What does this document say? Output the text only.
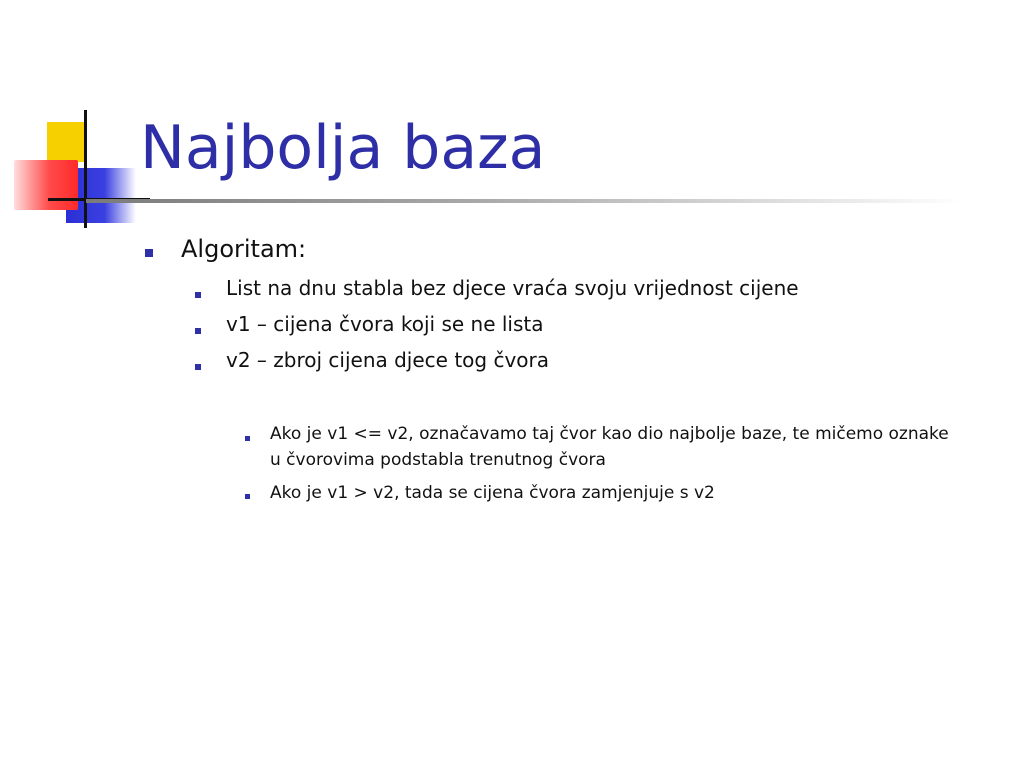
Najbolja baza
Algoritam:
List na dnu stabla bez djece vraća svoju vrijednost cijene
v1 – cijena čvora koji se ne lista
v2 – zbroj cijena djece tog čvora
Ako je v1 <= v2, označavamo taj čvor kao dio najbolje baze, te mičemo oznake u čvorovima podstabla trenutnog čvora
Ako je v1 > v2, tada se cijena čvora zamjenjuje s v2
